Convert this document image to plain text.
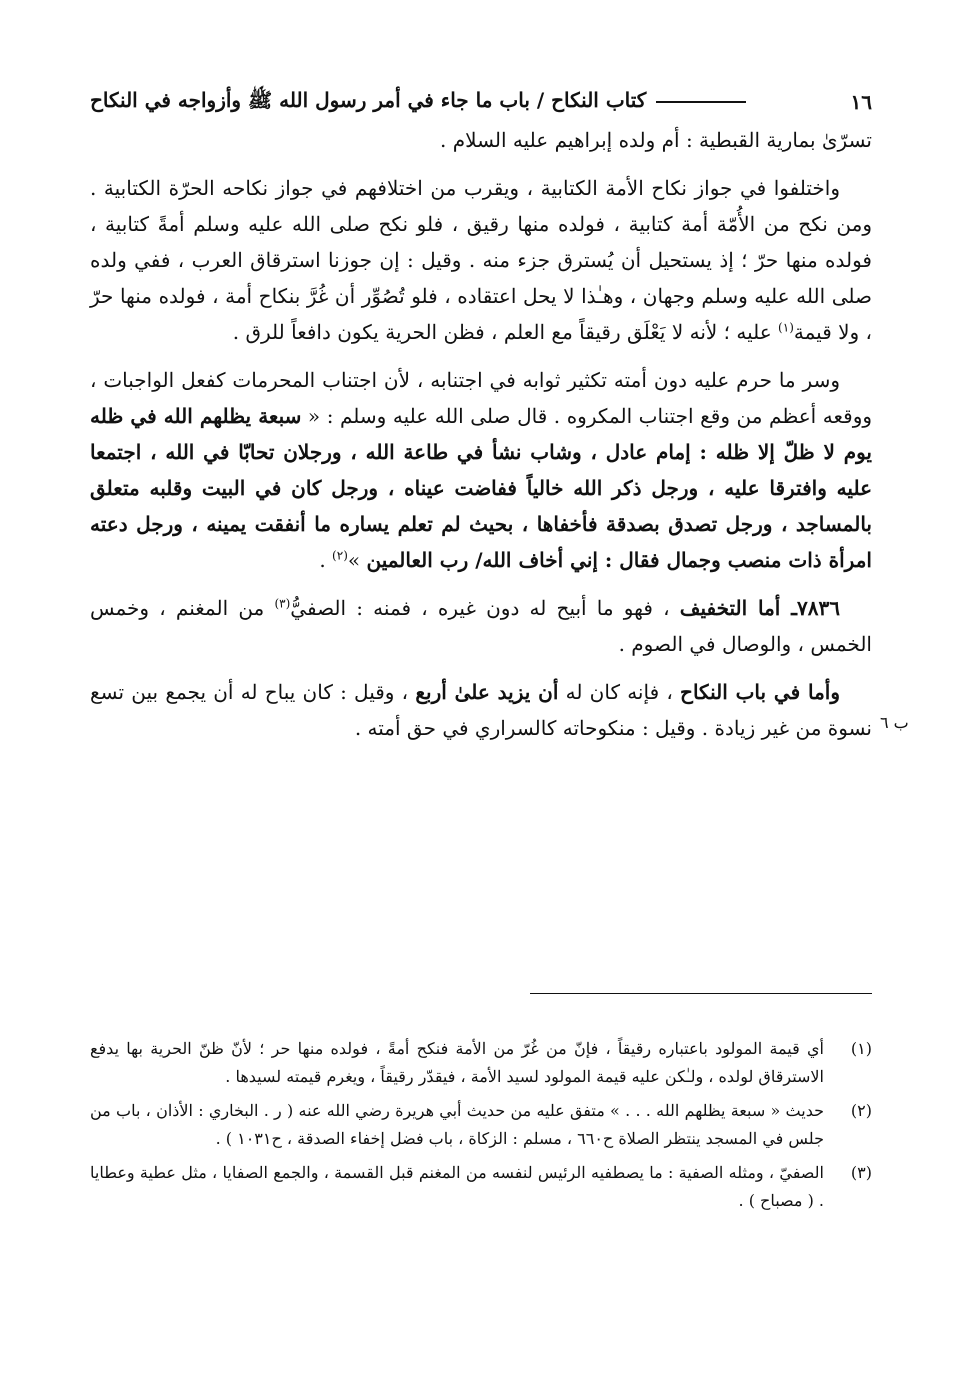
١٦
كتاب النكاح / باب ما جاء في أمر رسول الله ﷺ وأزواجه في النكاح

تسرّىٰ بمارية القبطية : أم ولده إبراهيم عليه السلام .

واختلفوا في جواز نكاح الأمة الكتابية ، ويقرب من اختلافهم في جواز نكاحه الحرّة الكتابية . ومن نكح من الأُمّة أمة كتابية ، فولده منها رقيق ، فلو نكح صلى الله عليه وسلم أمةً كتابية ، فولده منها حرّ ؛ إذ يستحيل أن يُسترق جزء منه . وقيل : إن جوزنا استرقاق العرب ، ففي ولده صلى الله عليه وسلم وجهان ، وهـٰذا لا يحل اعتقاده ، فلو تُصُوِّر أن غُرَّ بنكاح أمة ، فولده منها حرّ ، ولا قيمة$^{(١)}$ عليه ؛ لأنه لا يَعْلَق رقيقاً مع العلم ، فظن الحرية يكون دافعاً للرق .

وسر ما حرم عليه دون أمته تكثير ثوابه في اجتنابه ، لأن اجتناب المحرمات كفعل الواجبات ، ووقعه أعظم من وقع اجتناب المكروه . قال صلى الله عليه وسلم : « سبعة يظلهم الله في ظله يوم لا ظلّ إلا ظله : إمام عادل ، وشاب نشأ في طاعة الله ، ورجلان تحابّا في الله ، اجتمعا عليه وافترقا عليه ، ورجل ذكر الله خالياً ففاضت عيناه ، ورجل كان في البيت وقلبه متعلق بالمساجد ، ورجل تصدق بصدقة فأخفاها ، بحيث لم تعلم يساره ما أنفقت يمينه ، ورجل دعته امرأة ذات منصب وجمال فقال : إني أخاف الله/ رب العالمين »$^{(٢)}$ .

٧٨٣٦ـ أما التخفيف ، فهو ما أبيح له دون غيره ، فمنه : الصفيُّ$^{(٣)}$ من المغنم ، وخمس الخمس ، والوصال في الصوم .

وأما في باب النكاح ، فإنه كان له أن يزيد علىٰ أربع ، وقيل : كان يباح له أن يجمع بين تسع نسوة من غير زيادة . وقيل : منكوحاته كالسراري في حق أمته . ب ٦
(١)
أي قيمة المولود باعتباره رقيقاً ، فإنّ من غُرّ من الأمة فنكح أمةً ، فولده منها حر ؛ لأنّ ظنّ الحرية بها يدفع الاسترقاق لولده ، ولـٰكن عليه قيمة المولود لسيد الأمة ، فيقدّر رقيقاً ، ويغرم قيمته لسيدها .
(٢)
حديث « سبعة يظلهم الله . . . » متفق عليه من حديث أبي هريرة رضي الله عنه ( ر . البخاري : الأذان ، باب من جلس في المسجد ينتظر الصلاة ح٦٦٠ ، مسلم : الزكاة ، باب فضل إخفاء الصدقة ، ح١٠٣١ ) .
(٣)
الصفيّ ، ومثله الصفية : ما يصطفيه الرئيس لنفسه من المغنم قبل القسمة ، والجمع الصفايا ، مثل عطية وعطايا . ( مصباح ) .
